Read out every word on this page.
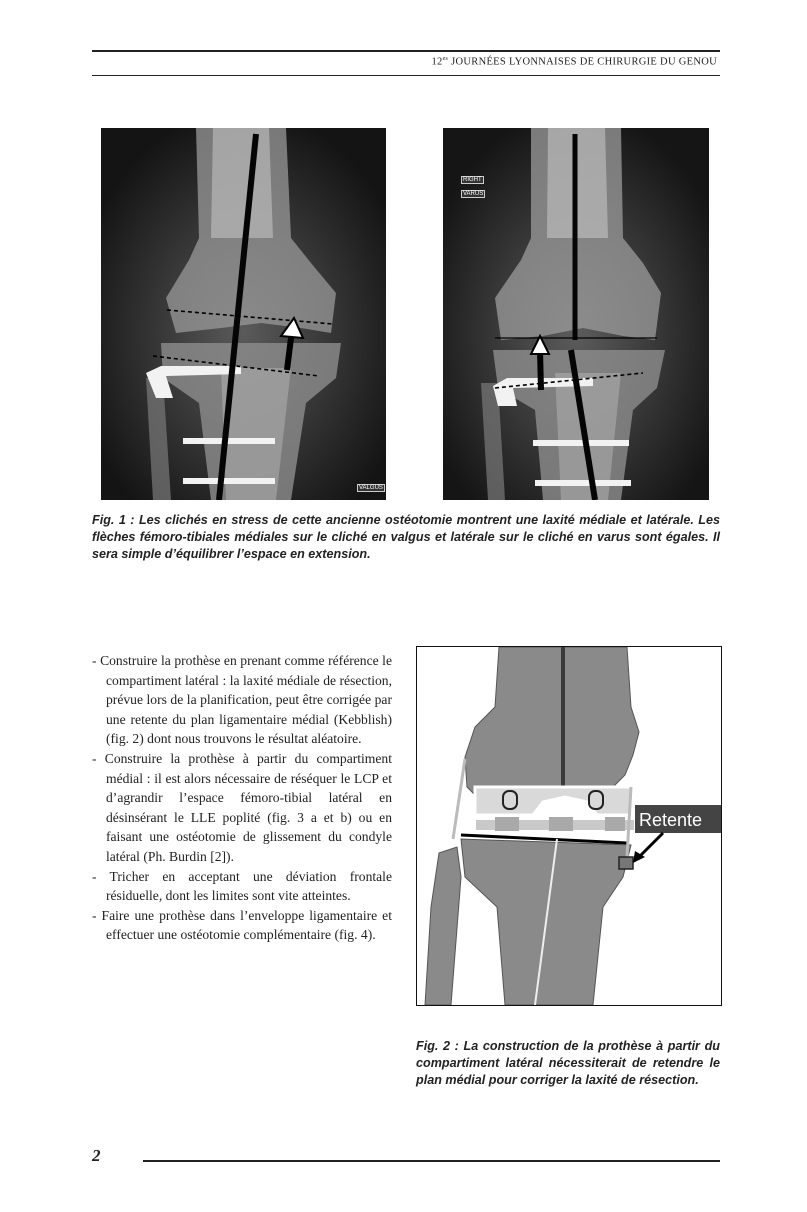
$12^{es}$ JOURNÉES LYONNAISES DE CHIRURGIE DU GENOU
VALGUS
RIGHT
VARUS
Fig. 1 : Les clichés en stress de cette ancienne ostéotomie montrent une laxité médiale et latérale. Les flèches fémoro-tibiales médiales sur le cliché en valgus et latérale sur le cliché en varus sont égales. Il sera simple d’équilibrer l’espace en extension.
- Construire la prothèse en prenant comme référence le compartiment latéral : la laxité médiale de résection, prévue lors de la planification, peut être corrigée par une retente du plan ligamentaire médial (Kebblish) (fig. 2) dont nous trouvons le résultat aléatoire.
- Construire la prothèse à partir du compartiment médial : il est alors nécessaire de réséquer le LCP et d’agrandir l’espace fémoro-tibial latéral en désinsérant le LLE poplité (fig. 3 a et b) ou en faisant une ostéotomie de glissement du condyle latéral (Ph. Burdin [2]).
- Tricher en acceptant une déviation frontale résiduelle, dont les limites sont vite atteintes.
- Faire une prothèse dans l’enveloppe ligamentaire et effectuer une ostéotomie complémentaire (fig. 4).
Retente
Fig. 2 : La construction de la prothèse à partir du compartiment latéral nécessiterait de retendre le plan médial pour corriger la laxité de résection.
2
